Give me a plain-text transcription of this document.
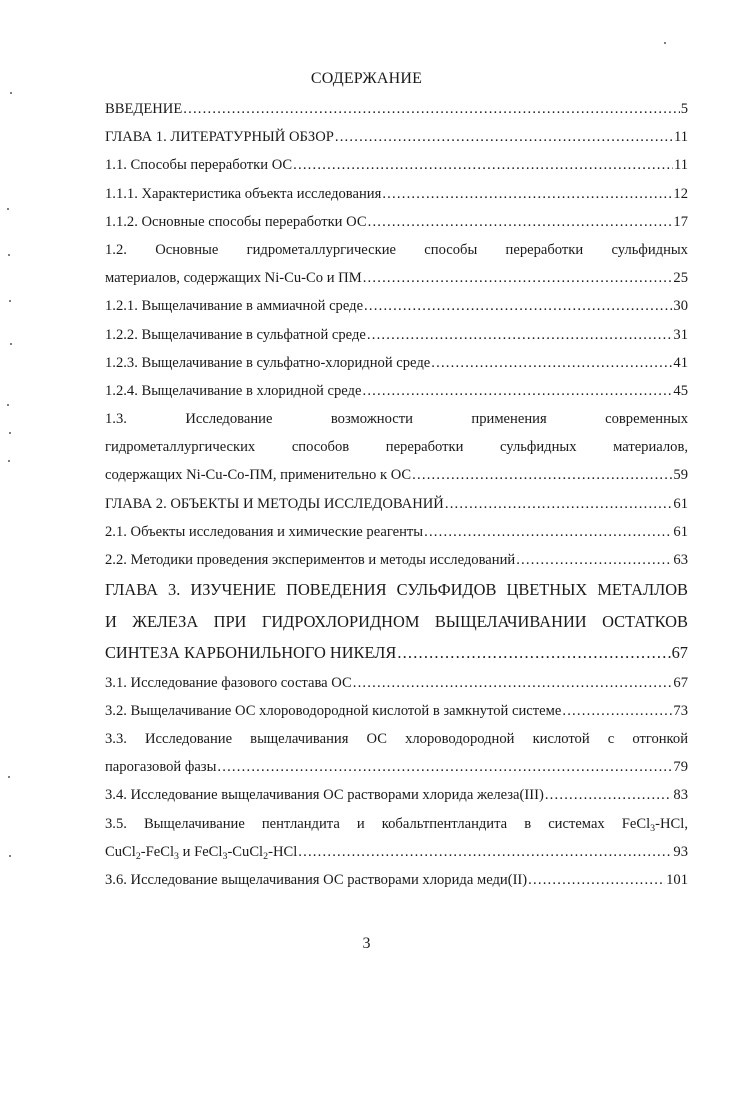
СОДЕРЖАНИЕ
ВВЕДЕНИЕ .....	5
ГЛАВА 1. ЛИТЕРАТУРНЫЙ ОБЗОР .....	11
1.1. Способы переработки ОС .....	11
1.1.1. Характеристика объекта исследования .....	12
1.1.2. Основные способы переработки ОС .....	17
1.2. Основные гидрометаллургические способы переработки сульфидных
материалов, содержащих Ni-Cu-Co и ПМ .....	25
1.2.1. Выщелачивание в аммиачной среде .....	30
1.2.2. Выщелачивание в сульфатной среде .....	31
1.2.3. Выщелачивание в сульфатно-хлоридной среде .....	41
1.2.4. Выщелачивание в хлоридной среде .....	45
1.3.	Исследование	возможности	применения	современных
гидрометаллургических	способов	переработки	сульфидных	материалов,
содержащих Ni-Cu-Co-ПМ, применительно к ОС .....	59
ГЛАВА 2. ОБЪЕКТЫ И МЕТОДЫ ИССЛЕДОВАНИЙ .....	61
2.1. Объекты исследования и химические реагенты .....	61
2.2. Методики проведения экспериментов и методы исследований .....	63
ГЛАВА 3. ИЗУЧЕНИЕ ПОВЕДЕНИЯ СУЛЬФИДОВ ЦВЕТНЫХ МЕТАЛЛОВ
И ЖЕЛЕЗА ПРИ ГИДРОХЛОРИДНОМ ВЫЩЕЛАЧИВАНИИ ОСТАТКОВ
СИНТЕЗА КАРБОНИЛЬНОГО НИКЕЛЯ .....	67
3.1. Исследование фазового состава ОС .....	67
3.2. Выщелачивание ОС хлороводородной кислотой в замкнутой системе .....	73
3.3. Исследование выщелачивания ОС хлороводородной кислотой с отгонкой
парогазовой фазы .....	79
3.4. Исследование выщелачивания ОС растворами хлорида железа(III) .....	83
3.5. Выщелачивание пентландита и кобальтпентландита в системах FeCl$_3$-HCl,
CuCl$_2$-FeCl$_3$ и FeCl$_3$-CuCl$_2$-HCl .....	93
3.6. Исследование выщелачивания ОС растворами хлорида меди(II) .....	101
3
